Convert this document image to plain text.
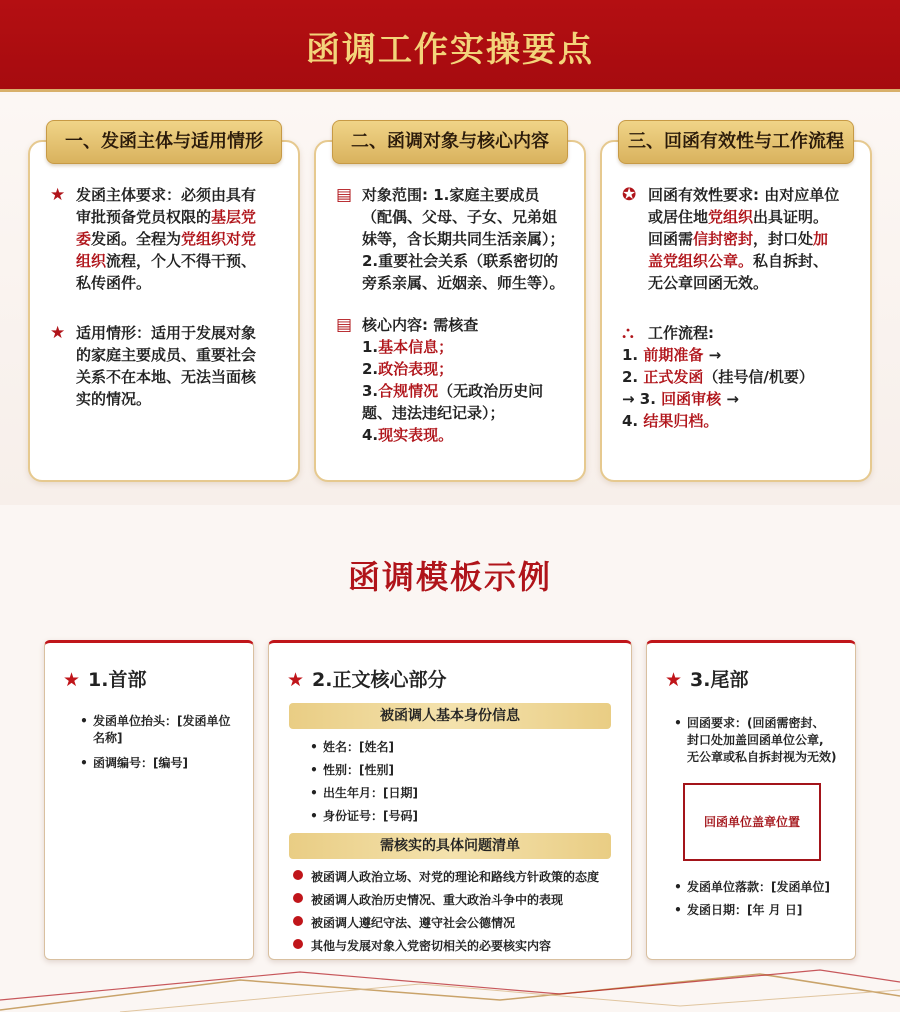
函调工作实操要点
一、发函主体与适用情形
★ 发函主体要求：必须由具有
审批预备党员权限的基层党
委发函。全程为党组织对党
组织流程，个人不得干预、
私传函件。
★ 适用情形：适用于发展对象
的家庭主要成员、重要社会
关系不在本地、无法当面核
实的情况。
二、函调对象与核心内容
▤ 对象范围: 1.家庭主要成员
（配偶、父母、子女、兄弟姐
妹等，含长期共同生活亲属）；
2.重要社会关系（联系密切的
旁系亲属、近姻亲、师生等）。
▤ 核心内容: 需核查
1.基本信息；
2.政治表现；
3.合规情况（无政治历史问
题、违法违纪记录）；
4.现实表现。
三、回函有效性与工作流程
✪ 回函有效性要求: 由对应单位
或居住地党组织出具证明。
回函需信封密封，封口处加
盖党组织公章。私自拆封、
无公章回函无效。
⛬ 工作流程:
1. 前期准备 →
2. 正式发函（挂号信/机要）
→ 3. 回函审核 →
4. 结果归档。
函调模板示例
★ 1.首部
• 发函单位抬头：[发函单位
名称]
• 函调编号：[编号]
★ 2.正文核心部分
被函调人基本身份信息
• 姓名：[姓名]
• 性别：[性别]
• 出生年月：[日期]
• 身份证号：[号码]
需核实的具体问题清单
被函调人政治立场、对党的理论和路线方针政策的态度
被函调人政治历史情况、重大政治斗争中的表现
被函调人遵纪守法、遵守社会公德情况
其他与发展对象入党密切相关的必要核实内容
★ 3.尾部
• 回函要求：(回函需密封、
封口处加盖回函单位公章,
无公章或私自拆封视为无效)
回函单位盖章位置
• 发函单位落款：[发函单位]
• 发函日期：[年 月 日]
